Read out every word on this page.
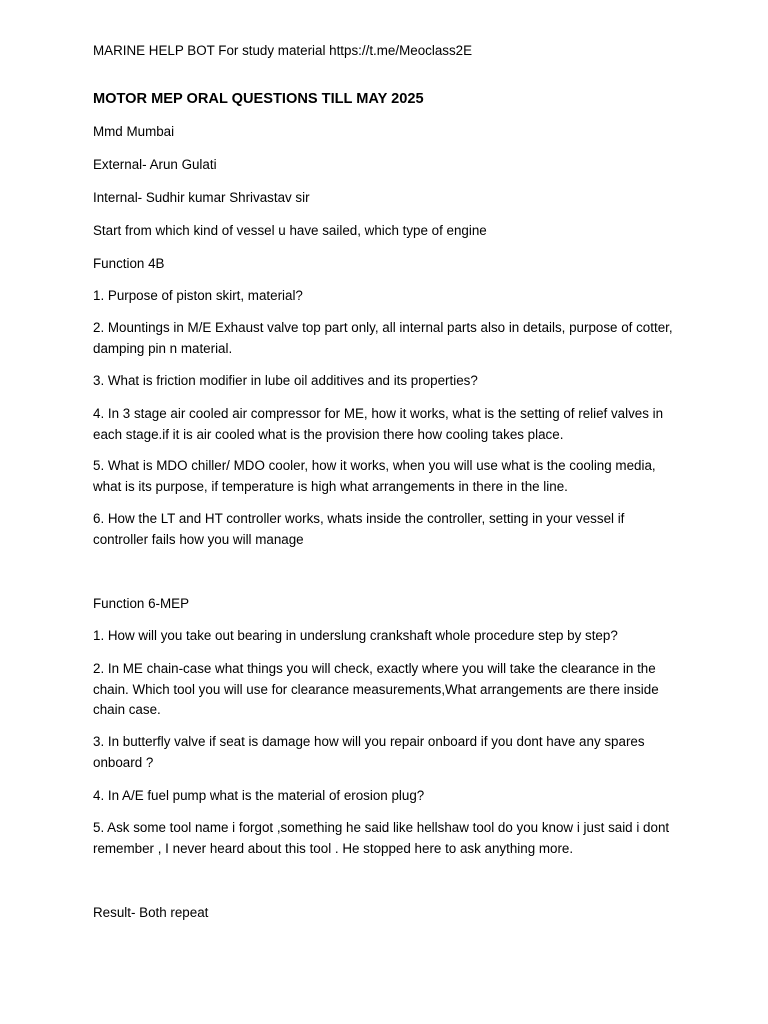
MARINE HELP BOT For study material https://t.me/Meoclass2E

MOTOR MEP ORAL QUESTIONS TILL MAY 2025

Mmd Mumbai

External- Arun Gulati

Internal- Sudhir kumar Shrivastav sir

Start from which kind of vessel u have sailed, which type of engine

Function 4B

1. Purpose of piston skirt, material?

2. Mountings in M/E Exhaust valve top part only, all internal parts also in details, purpose of cotter, damping pin n material.

3. What is friction modifier in lube oil additives and its properties?

4. In 3 stage air cooled air compressor for ME, how it works, what is the setting of relief valves in each stage.if it is air cooled what is the provision there how cooling takes place.

5. What is MDO chiller/ MDO cooler, how it works, when you will use what is the cooling media, what is its purpose, if temperature is high what arrangements in there in the line.

6. How the LT and HT controller works, whats inside the controller, setting in your vessel if controller fails how you will manage

Function 6-MEP

1. How will you take out bearing in underslung crankshaft whole procedure step by step?

2. In ME chain-case what things you will check, exactly where you will take the clearance in the chain. Which tool you will use for clearance measurements,What arrangements are there inside chain case.

3. In butterfly valve if seat is damage how will you repair onboard if you dont have any spares onboard ?

4. In A/E fuel pump what is the material of erosion plug?

5. Ask some tool name i forgot ,something he said like hellshaw tool do you know i just said i dont remember , I never heard about this tool . He stopped here to ask anything more.

Result- Both repeat
